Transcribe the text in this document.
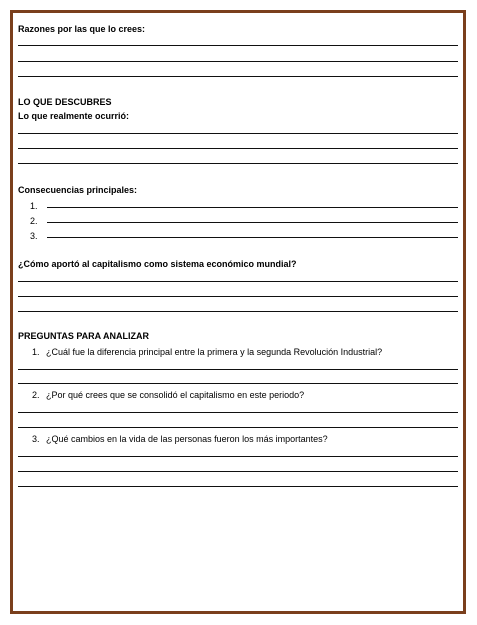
Razones por las que lo crees:
LO QUE DESCUBRES
Lo que realmente ocurrió:
Consecuencias principales:
1.
2.
3.
¿Cómo aportó al capitalismo como sistema económico mundial?
PREGUNTAS PARA ANALIZAR
1. ¿Cuál fue la diferencia principal entre la primera y la segunda Revolución Industrial?
2. ¿Por qué crees que se consolidó el capitalismo en este periodo?
3. ¿Qué cambios en la vida de las personas fueron los más importantes?
